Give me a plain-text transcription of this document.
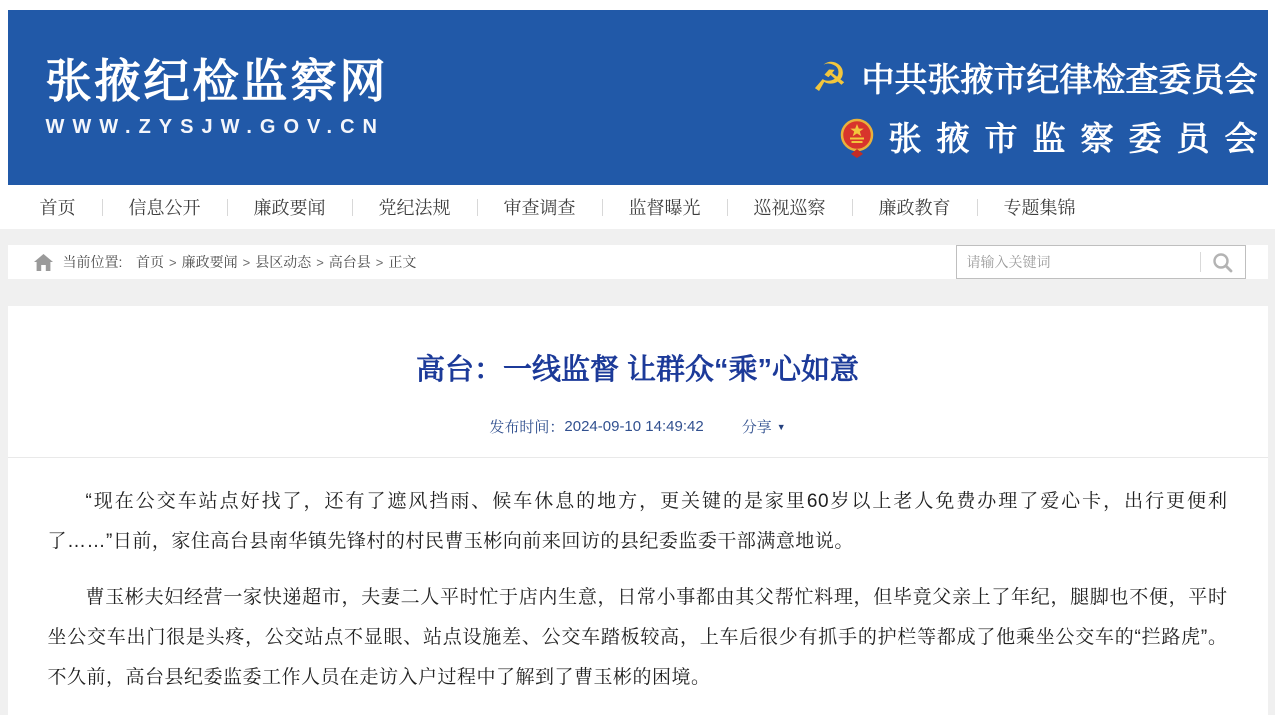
张掖纪检监察网
WWW.ZYSJW.GOV.CN
☭ 中共张掖市纪律检查委员会
张掖市监察委员会
首页	信息公开	廉政要闻	党纪法规	审查调查	监督曝光	巡视巡察	廉政教育	专题集锦
当前位置: 首页 > 廉政要闻 > 县区动态 > 高台县 > 正文
请输入关键词
高台：一线监督 让群众“乘”心如意
发布时间： 2024-09-10 14:49:42	分享 ▼

“现在公交车站点好找了，还有了遮风挡雨、候车休息的地方，更关键的是家里60岁以上老人免费办理了爱心卡，出行更便利了……”日前，家住高台县南华镇先锋村的村民曹玉彬向前来回访的县纪委监委干部满意地说。

曹玉彬夫妇经营一家快递超市，夫妻二人平时忙于店内生意，日常小事都由其父帮忙料理，但毕竟父亲上了年纪，腿脚也不便，平时坐公交车出门很是头疼，公交站点不显眼、站点设施差、公交车踏板较高，上车后很少有抓手的护栏等都成了他乘坐公交车的“拦路虎”。不久前，高台县纪委监委工作人员在走访入户过程中了解到了曹玉彬的困境。
